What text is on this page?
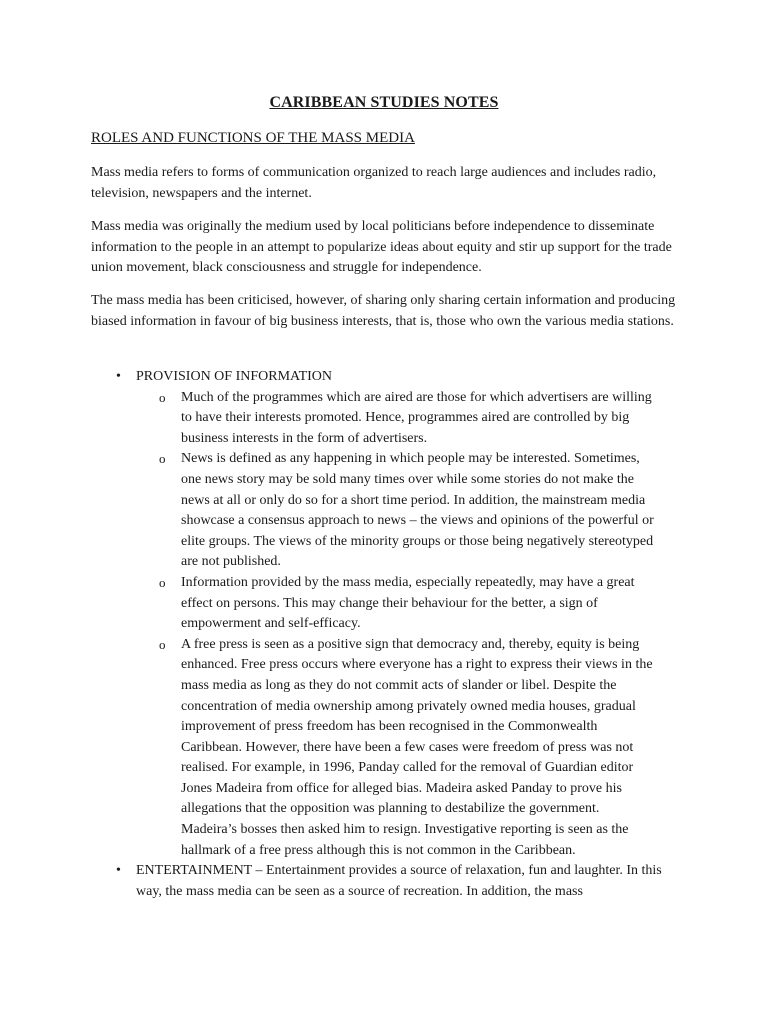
CARIBBEAN STUDIES NOTES
ROLES AND FUNCTIONS OF THE MASS MEDIA
Mass media refers to forms of communication organized to reach large audiences and includes radio, television, newspapers and the internet.
Mass media was originally the medium used by local politicians before independence to disseminate information to the people in an attempt to popularize ideas about equity and stir up support for the trade union movement, black consciousness and struggle for independence.
The mass media has been criticised, however, of sharing only sharing certain information and producing biased information in favour of big business interests, that is, those who own the various media stations.
• PROVISION OF INFORMATION
o Much of the programmes which are aired are those for which advertisers are willing to have their interests promoted. Hence, programmes aired are controlled by big business interests in the form of advertisers.
o News is defined as any happening in which people may be interested. Sometimes, one news story may be sold many times over while some stories do not make the news at all or only do so for a short time period. In addition, the mainstream media showcase a consensus approach to news – the views and opinions of the powerful or elite groups. The views of the minority groups or those being negatively stereotyped are not published.
o Information provided by the mass media, especially repeatedly, may have a great effect on persons. This may change their behaviour for the better, a sign of empowerment and self-efficacy.
o A free press is seen as a positive sign that democracy and, thereby, equity is being enhanced. Free press occurs where everyone has a right to express their views in the mass media as long as they do not commit acts of slander or libel. Despite the concentration of media ownership among privately owned media houses, gradual improvement of press freedom has been recognised in the Commonwealth Caribbean. However, there have been a few cases were freedom of press was not realised. For example, in 1996, Panday called for the removal of Guardian editor Jones Madeira from office for alleged bias. Madeira asked Panday to prove his allegations that the opposition was planning to destabilize the government. Madeira’s bosses then asked him to resign. Investigative reporting is seen as the hallmark of a free press although this is not common in the Caribbean.
• ENTERTAINMENT – Entertainment provides a source of relaxation, fun and laughter. In this way, the mass media can be seen as a source of recreation. In addition, the mass
